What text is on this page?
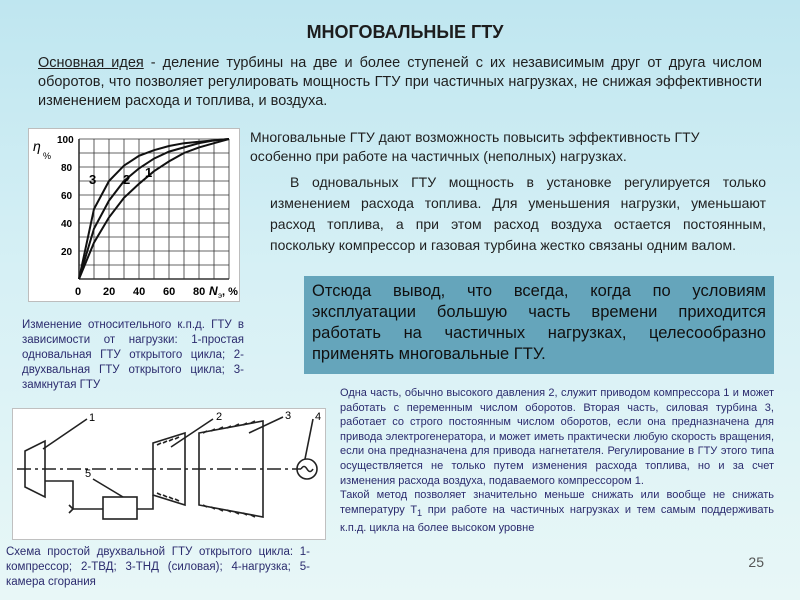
МНОГОВАЛЬНЫЕ ГТУ
Основная идея - деление турбины на две и более ступеней с их независимым друг от друга числом оборотов, что позволяет регулировать мощность ГТУ при частичных нагрузках, не снижая эффективности изменением расхода и топлива, и воздуха.
η
%
100
80
60
40
20
0 20 40 60 80 N э , %
3 2 1
Многовальные ГТУ дают возможность повысить эффективность ГТУ особенно при работе на частичных (неполных) нагрузках.
В одновальных ГТУ мощность в установке регулируется только изменением расхода топлива. Для уменьшения нагрузки, уменьшают расход топлива, а при этом расход воздуха остается постоянным, поскольку компрессор и газовая турбина жестко связаны одним валом.
Отсюда вывод, что всегда, когда по условиям эксплуатации большую часть времени приходится работать на частичных нагрузках, целесообразно применять многовальные ГТУ.
Изменение относительного к.п.д. ГТУ в зависимости от нагрузки: 1-простая одновальная ГТУ открытого цикла; 2-двухвальная ГТУ открытого цикла; 3-замкнутая ГТУ
1	2	3 4
5
Схема простой двухвальной ГТУ открытого цикла: 1-компрессор; 2-ТВД; 3-ТНД (силовая); 4-нагрузка; 5-камера сгорания
Одна часть, обычно высокого давления 2, служит приводом компрессора 1 и может работать с переменным числом оборотов. Вторая часть, силовая турбина 3, работает со строго постоянным числом оборотов, если она предназначена для привода электрогенератора, и может иметь практически любую скорость вращения, если она предназначена для привода нагнетателя. Регулирование в ГТУ этого типа осуществляется не только путем изменения расхода топлива, но и за счет изменения расхода воздуха, подаваемого компрессором 1.
Такой метод позволяет значительно меньше снижать или вообще не снижать температуру $Т_1$ при работе на частичных нагрузках и тем самым поддерживать к.п.д. цикла на более высоком уровне
25
